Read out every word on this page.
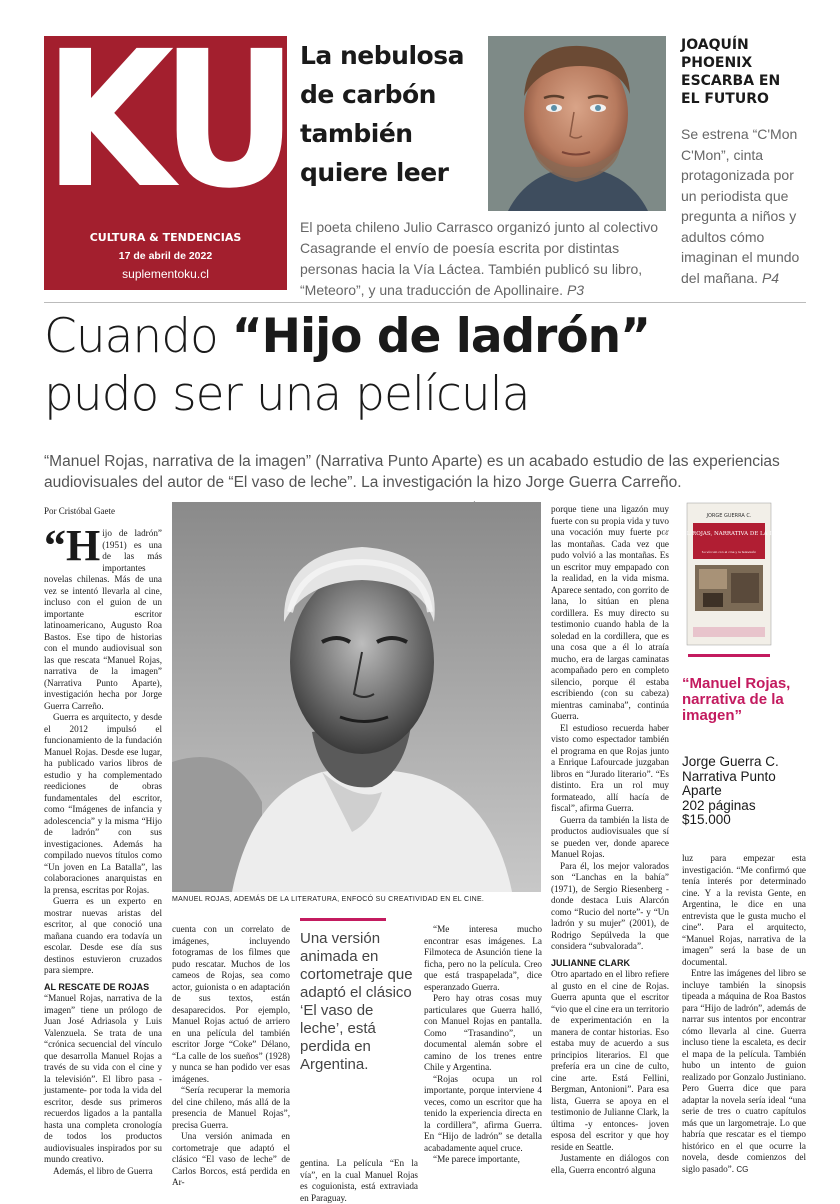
KU
CULTURA & TENDENCIAS
17 de abril de 2022
suplementoku.cl
La nebulosa de carbón también quiere leer
El poeta chileno Julio Carrasco organizó junto al colectivo Casagrande el envío de poesía escrita por distintas personas hacia la Vía Láctea. También publicó su libro, “Meteoro”, y una traducción de Apollinaire. P3
JOAQUÍN PHOENIX ESCARBA EN EL FUTURO
Se estrena “C'Mon C'Mon”, cinta protagonizada por un periodista que pregunta a niños y adultos cómo imaginan el mundo del mañana. P4
Cuando “Hijo de ladrón”
pudo ser una película
“Manuel Rojas, narrativa de la imagen” (Narrativa Punto Aparte) es un acabado estudio de las experiencias audiovisuales del autor de “El vaso de leche”. La investigación la hizo Jorge Guerra Carreño.
Por Cristóbal Gaete
MANUEL ROJAS, ADEMÁS DE LA LITERATURA, ENFOCÓ SU CREATIVIDAD EN EL CINE.

“Hijo de ladrón” (1951) es una de las más importantes novelas chilenas. Más de una vez se intentó llevarla al cine, incluso con el guion de un importante escritor latinoamericano, Augusto Roa Bastos. Ese tipo de historias con el mundo audiovisual son las que rescata “Manuel Rojas, narrativa de la imagen” (Narrativa Punto Aparte), investigación hecha por Jorge Guerra Carreño.

Guerra es arquitecto, y desde el 2012 impulsó el funcionamiento de la fundación Manuel Rojas. Desde ese lugar, ha publicado varios libros de estudio y ha complementado reediciones de obras fundamentales del escritor, como “Imágenes de infancia y adolescencia” y la misma “Hijo de ladrón” con sus investigaciones. Además ha compilado nuevos títulos como “Un joven en La Batalla”, las colaboraciones anarquistas en la prensa, escritas por Rojas.

Guerra es un experto en mostrar nuevas aristas del escritor, al que conoció una mañana cuando era todavía un escolar. Desde ese día sus destinos estuvieron cruzados para siempre.

AL RESCATE DE ROJAS

“Manuel Rojas, narrativa de la imagen” tiene un prólogo de Juan José Adriasola y Luis Valenzuela. Se trata de una “crónica secuencial del vínculo que desarrolla Manuel Rojas a través de su vida con el cine y la televisión”. El libro pasa -justamente- por toda la vida del escritor, desde sus primeros recuerdos ligados a la pantalla hasta una completa cronología de todos los productos audiovisuales inspirados por su mundo creativo.

Además, el libro de Guerra

cuenta con un correlato de imágenes, incluyendo fotogramas de los filmes que pudo rescatar. Muchos de los cameos de Rojas, sea como actor, guionista o en adaptación de sus textos, están desaparecidos. Por ejemplo, Manuel Rojas actuó de arriero en una película del también escritor Jorge “Coke” Délano, “La calle de los sueños” (1928) y nunca se han podido ver esas imágenes.

“Sería recuperar la memoria del cine chileno, más allá de la presencia de Manuel Rojas”, precisa Guerra.

Una versión animada en cortometraje que adaptó el clásico “El vaso de leche” de Carlos Borcos, está perdida en Ar-

Una versión animada en cortometraje que adaptó el clásico ‘El vaso de leche’, está perdida en Argentina.

gentina. La película “En la vía”, en la cual Manuel Rojas es coguionista, está extraviada en Paraguay.

“Me interesa mucho encontrar esas imágenes. La Filmoteca de Asunción tiene la ficha, pero no la película. Creo que está traspapelada”, dice esperanzado Guerra.

Pero hay otras cosas muy particulares que Guerra halló, con Manuel Rojas en pantalla. Como “Trasandino”, un documental alemán sobre el camino de los trenes entre Chile y Argentina.

“Rojas ocupa un rol importante, porque interviene 4 veces, como un escritor que ha tenido la experiencia directa en la cordillera”, afirma Guerra. En “Hijo de ladrón” se detalla acabadamente aquel cruce.

“Me parece importante,

porque tiene una ligazón muy fuerte con su propia vida y tuvo una vocación muy fuerte por las montañas. Cada vez que pudo volvió a las montañas. Es un escritor muy empapado con la realidad, en la vida misma. Aparece sentado, con gorrito de lana, lo sitúan en plena cordillera. Es muy directo su testimonio cuando habla de la soledad en la cordillera, que es una cosa que a él lo atraía mucho, era de largas caminatas acompañado pero en completo silencio, porque él estaba escribiendo (con su cabeza) mientras caminaba”, continúa Guerra.

El estudioso recuerda haber visto como espectador también el programa en que Rojas junto a Enrique Lafourcade juzgaban libros en “Jurado literario”. “Es distinto. Era un rol muy formateado, allí hacía de fiscal”, afirma Guerra.

Guerra da también la lista de productos audiovisuales que sí se pueden ver, donde aparece Manuel Rojas.

Para él, los mejor valorados son “Lanchas en la bahía” (1971), de Sergio Riesenberg -donde destaca Luis Alarcón como “Rucio del norte”- y “Un ladrón y su mujer” (2001), de Rodrigo Sepúlveda la que considera “subvalorada”.

JULIANNE CLARK

Otro apartado en el libro refiere al gusto en el cine de Rojas. Guerra apunta que el escritor “vio que el cine era un territorio de experimentación en la manera de contar historias. Eso estaba muy de acuerdo a sus principios literarios. El que prefería era un cine de culto, cine arte. Está Fellini, Bergman, Antonioni”. Para esa lista, Guerra se apoya en el testimonio de Julianne Clark, la última -y entonces- joven esposa del escritor y que hoy reside en Seattle.

Justamente en diálogos con ella, Guerra encontró alguna

JORGE GUERRA C.
MANUEL ROJAS, NARRATIVA DE LA IMAGEN
Su vínculo con el cine y la televisión
“Manuel Rojas, narrativa de la imagen”
Jorge Guerra C.
Narrativa Punto Aparte
202 páginas
$15.000

luz para empezar esta investigación. “Me confirmó que tenía interés por determinado cine. Y a la revista Gente, en Argentina, le dice en una entrevista que le gusta mucho el cine”. Para el arquitecto, “Manuel Rojas, narrativa de la imagen” será la base de un documental.

Entre las imágenes del libro se incluye también la sinopsis tipeada a máquina de Roa Bastos para “Hijo de ladrón”, además de narrar sus intentos por encontrar cómo llevarla al cine. Guerra incluso tiene la escaleta, es decir el mapa de la película. También hubo un intento de guion realizado por Gonzalo Justiniano. Pero Guerra dice que para adaptar la novela sería ideal “una serie de tres o cuatro capítulos más que un largometraje. Lo que habría que rescatar es el tiempo histórico en el que ocurre la novela, desde comienzos del siglo pasado”. CG
